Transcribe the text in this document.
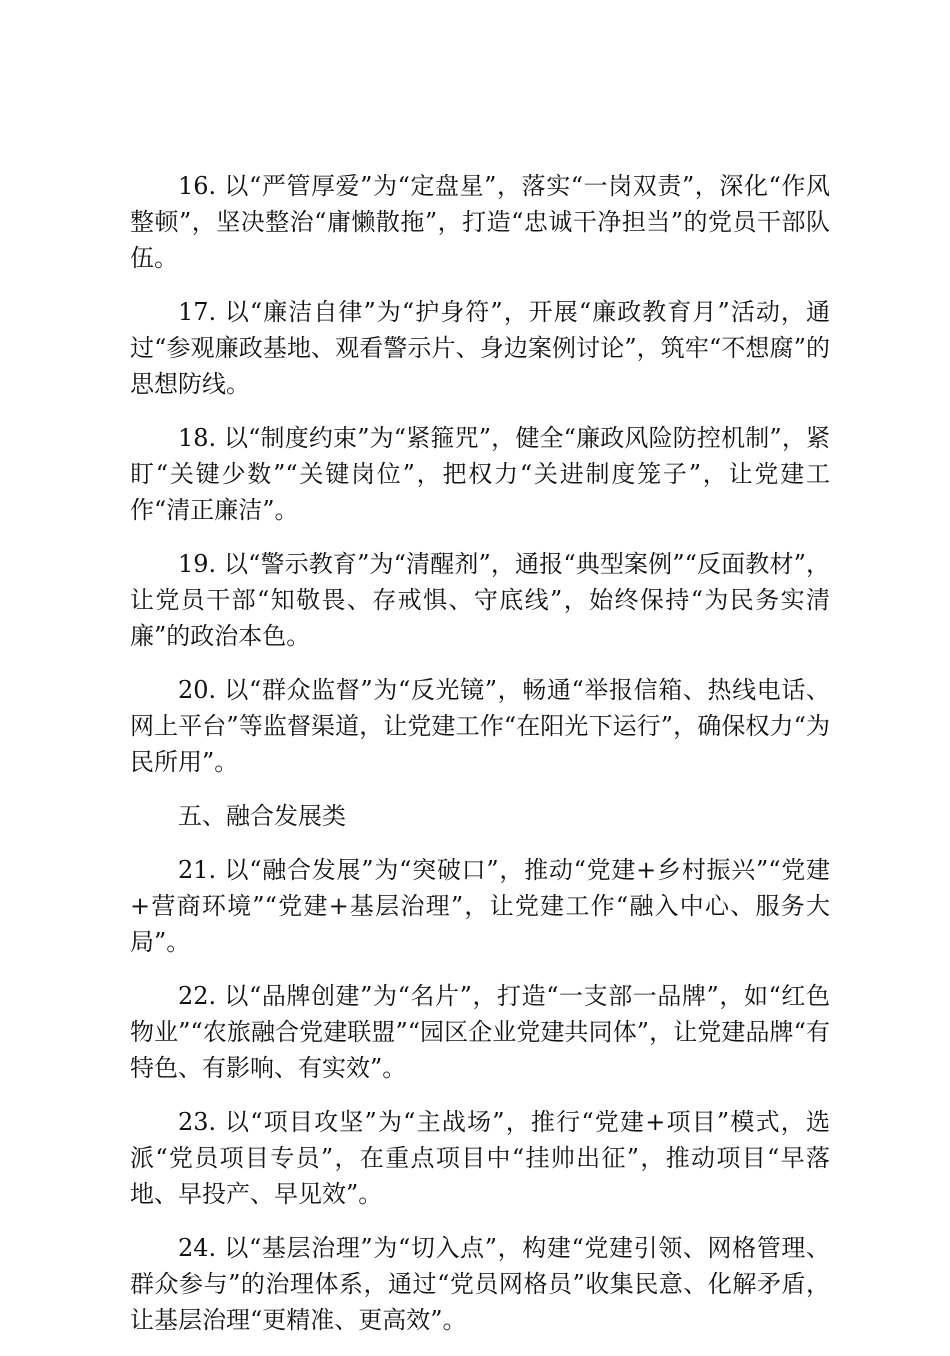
16. 以“严管厚爱”为“定盘星”，落实“一岗双责”，深化“作风整顿”，坚决整治“庸懒散拖”，打造“忠诚干净担当”的党员干部队伍。

17. 以“廉洁自律”为“护身符”，开展“廉政教育月”活动，通过“参观廉政基地、观看警示片、身边案例讨论”，筑牢“不想腐”的思想防线。

18. 以“制度约束”为“紧箍咒”，健全“廉政风险防控机制”，紧盯“关键少数”“关键岗位”，把权力“关进制度笼子”，让党建工作“清正廉洁”。

19. 以“警示教育”为“清醒剂”，通报“典型案例”“反面教材”，让党员干部“知敬畏、存戒惧、守底线”，始终保持“为民务实清廉”的政治本色。

20. 以“群众监督”为“反光镜”，畅通“举报信箱、热线电话、网上平台”等监督渠道，让党建工作“在阳光下运行”，确保权力“为民所用”。

五、融合发展类

21. 以“融合发展”为“突破口”，推动“党建+乡村振兴”“党建+营商环境”“党建+基层治理”，让党建工作“融入中心、服务大局”。

22. 以“品牌创建”为“名片”，打造“一支部一品牌”，如“红色物业”“农旅融合党建联盟”“园区企业党建共同体”，让党建品牌“有特色、有影响、有实效”。

23. 以“项目攻坚”为“主战场”，推行“党建+项目”模式，选派“党员项目专员”，在重点项目中“挂帅出征”，推动项目“早落地、早投产、早见效”。

24. 以“基层治理”为“切入点”，构建“党建引领、网格管理、群众参与”的治理体系，通过“党员网格员”收集民意、化解矛盾，让基层治理“更精准、更高效”。
